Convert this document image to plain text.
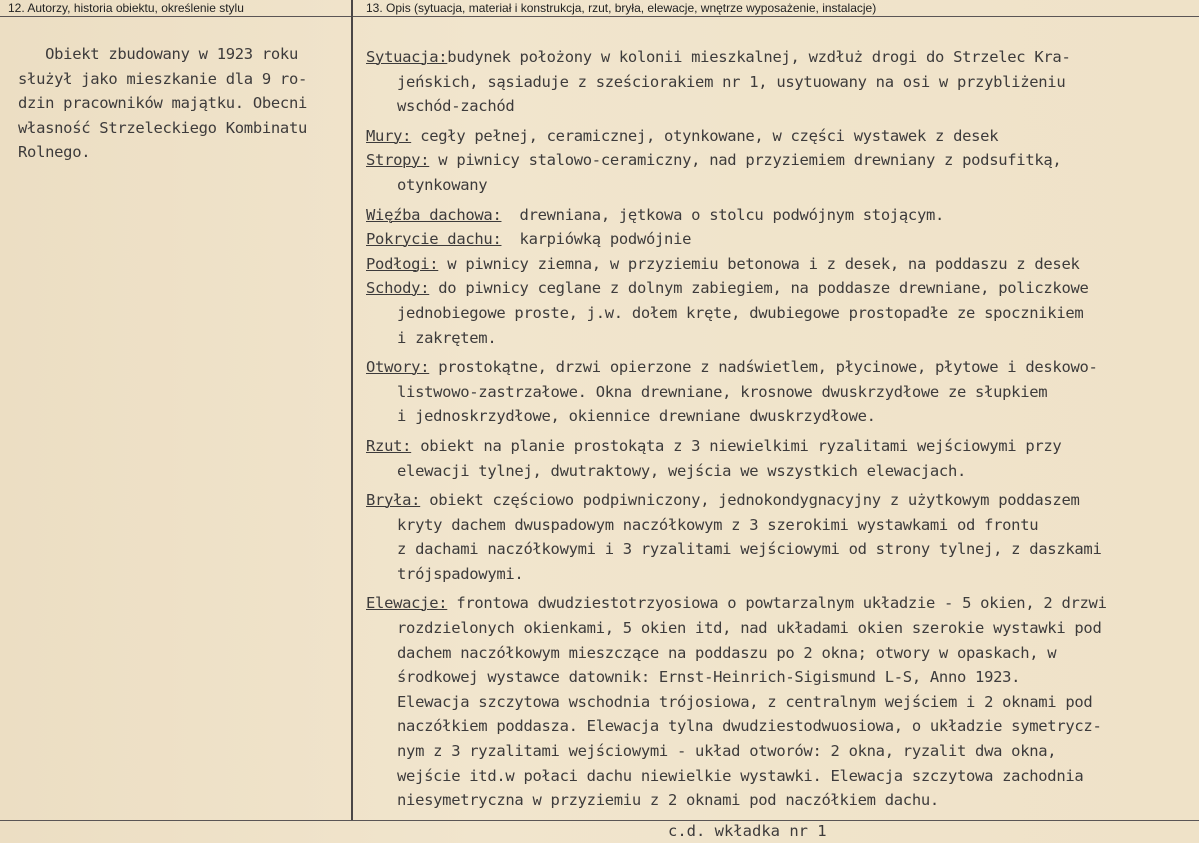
12. Autorzy, historia obiektu, określenie stylu	13. Opis (sytuacja, materiał i konstrukcja, rzut, bryła, elewacje, wnętrze wyposażenie, instalacje)
Obiekt zbudowany w 1923 roku
służył jako mieszkanie dla 9 ro-
dzin pracowników majątku. Obecni
własność Strzeleckiego Kombinatu
Rolnego.
Sytuacja:budynek położony w kolonii mieszkalnej, wzdłuż drogi do Strzelec Kra-
jeńskich, sąsiaduje z sześciorakiem nr 1, usytuowany na osi w przybliżeniu
wschód-zachód
Mury: cegły pełnej, ceramicznej, otynkowane, w części wystawek z desek
Stropy: w piwnicy stalowo-ceramiczny, nad przyziemiem drewniany z podsufitką,
otynkowany
Więźba dachowa:  drewniana, jętkowa o stolcu podwójnym stojącym.
Pokrycie dachu:  karpiówką podwójnie
Podłogi: w piwnicy ziemna, w przyziemiu betonowa i z desek, na poddaszu z desek
Schody: do piwnicy ceglane z dolnym zabiegiem, na poddasze drewniane, policzkowe
jednobiegowe proste, j.w. dołem kręte, dwubiegowe prostopadłe ze spocznikiem
i zakrętem.
Otwory: prostokątne, drzwi opierzone z nadświetlem, płycinowe, płytowe i deskowo-
listwowo-zastrzałowe. Okna drewniane, krosnowe dwuskrzydłowe ze słupkiem
i jednoskrzydłowe, okiennice drewniane dwuskrzydłowe.
Rzut: obiekt na planie prostokąta z 3 niewielkimi ryzalitami wejściowymi przy
elewacji tylnej, dwutraktowy, wejścia we wszystkich elewacjach.
Bryła: obiekt częściowo podpiwniczony, jednokondygnacyjny z użytkowym poddaszem
kryty dachem dwuspadowym naczółkowym z 3 szerokimi wystawkami od frontu
z dachami naczółkowymi i 3 ryzalitami wejściowymi od strony tylnej, z daszkami
trójspadowymi.
Elewacje: frontowa dwudziestotrzyosiowa o powtarzalnym układzie - 5 okien, 2 drzwi
rozdzielonych okienkami, 5 okien itd, nad układami okien szerokie wystawki pod
dachem naczółkowym mieszczące na poddaszu po 2 okna; otwory w opaskach, w
środkowej wystawce datownik: Ernst-Heinrich-Sigismund L-S, Anno 1923.
Elewacja szczytowa wschodnia trójosiowa, z centralnym wejściem i 2 oknami pod
naczółkiem poddasza. Elewacja tylna dwudziestodwuosiowa, o układzie symetrycz-
nym z 3 ryzalitami wejściowymi - układ otworów: 2 okna, ryzalit dwa okna,
wejście itd.w połaci dachu niewielkie wystawki. Elewacja szczytowa zachodnia
niesymetryczna w przyziemiu z 2 oknami pod naczółkiem dachu.
c.d. wkładka nr 1
